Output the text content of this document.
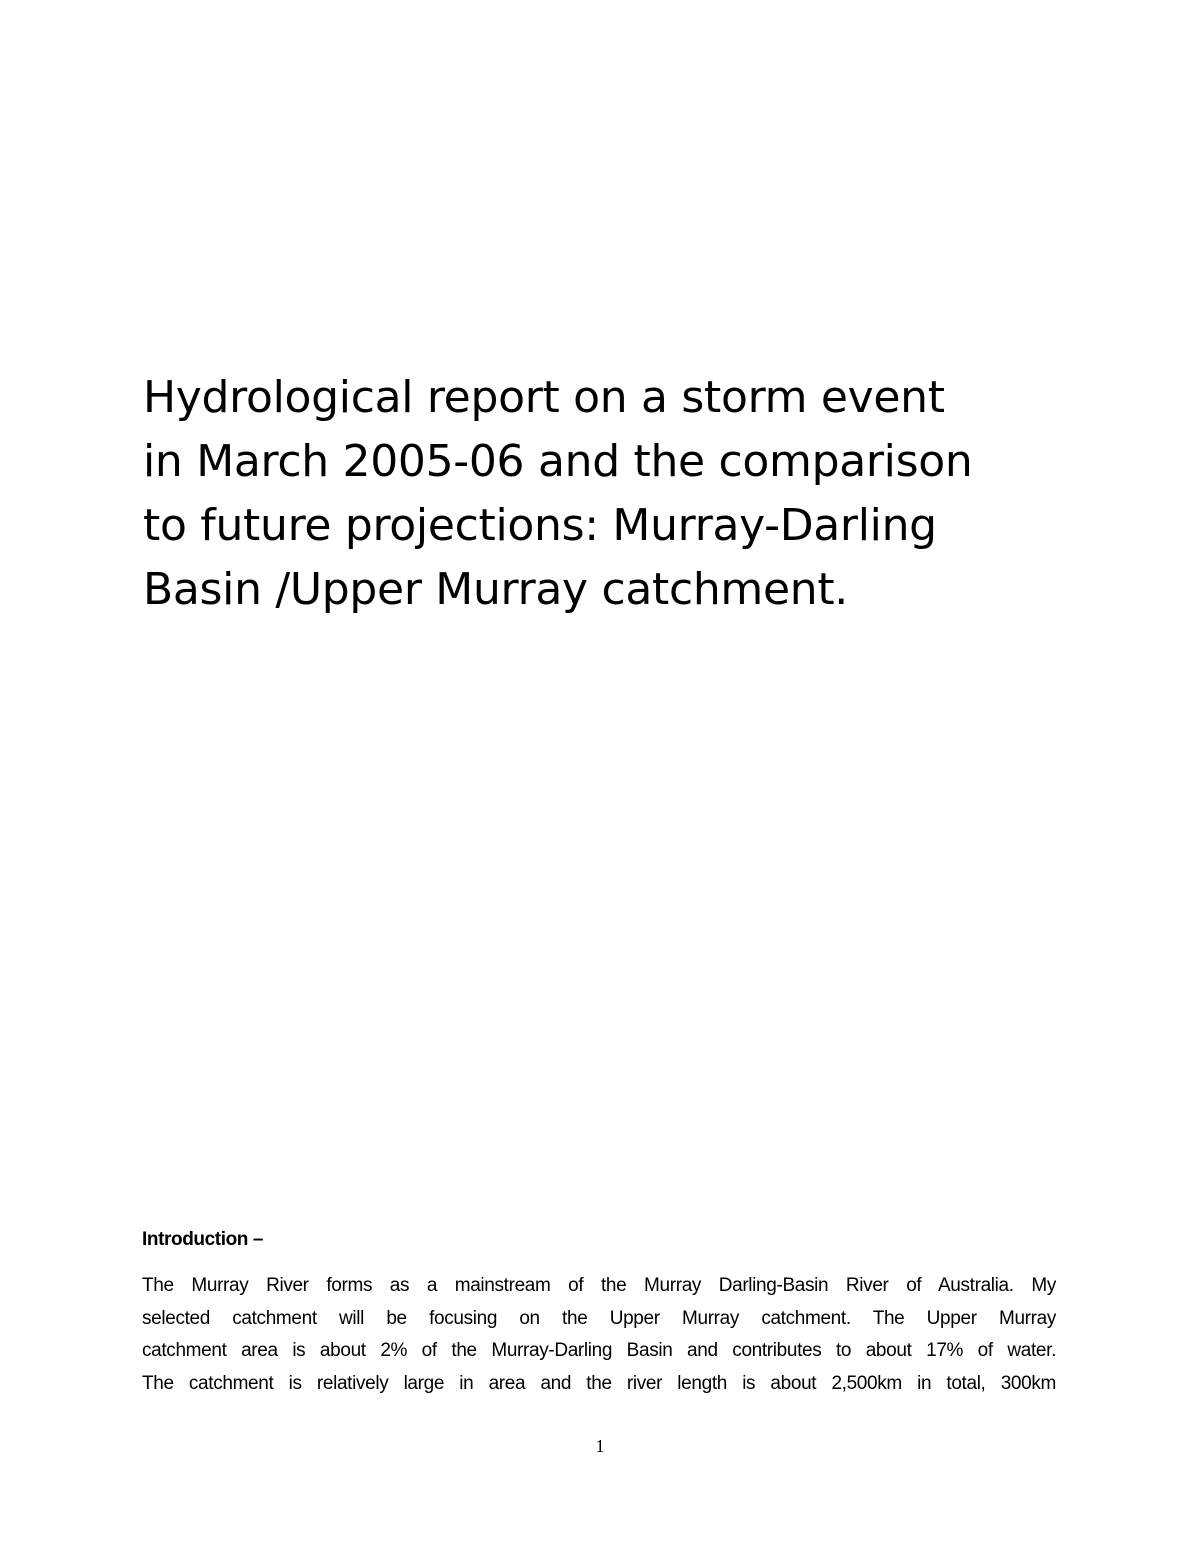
Hydrological report on a storm event
in March 2005-06 and the comparison
to future projections: Murray-Darling
Basin /Upper Murray catchment.
Introduction –
The Murray River forms as a mainstream of the Murray Darling-Basin River of Australia. My
selected catchment will be focusing on the Upper Murray catchment. The Upper Murray
catchment area is about 2% of the Murray-Darling Basin and contributes to about 17% of water.
The catchment is relatively large in area and the river length is about 2,500km in total, 300km
1
